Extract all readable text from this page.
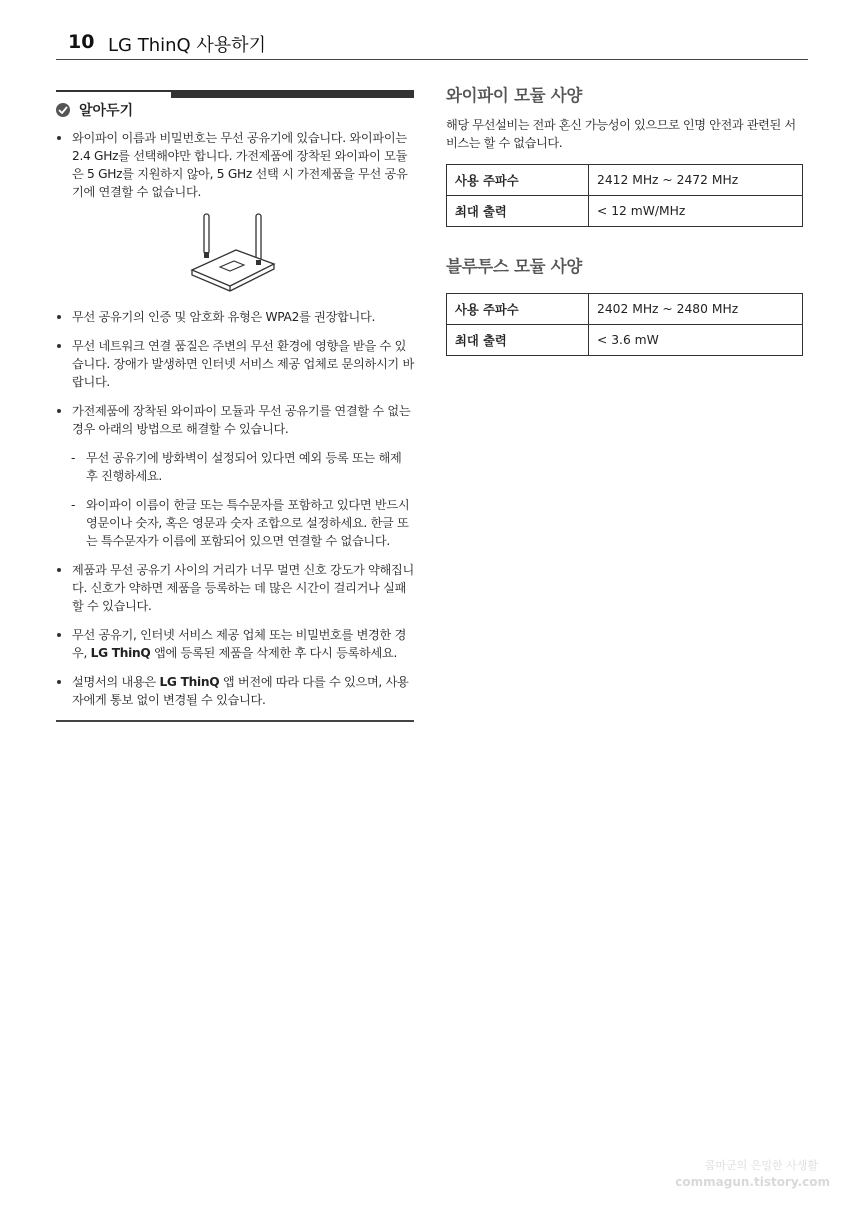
10 LG ThinQ 사용하기
알아두기
와이파이 이름과 비밀번호는 무선 공유기에 있습니다. 와이파이는 2.4 GHz를 선택해야만 합니다. 가전제품에 장착된 와이파이 모듈은 5 GHz를 지원하지 않아, 5 GHz 선택 시 가전제품을 무선 공유기에 연결할 수 없습니다.
무선 공유기의 인증 및 암호화 유형은 WPA2를 권장합니다.
무선 네트워크 연결 품질은 주변의 무선 환경에 영향을 받을 수 있습니다. 장애가 발생하면 인터넷 서비스 제공 업체로 문의하시기 바랍니다.
가전제품에 장착된 와이파이 모듈과 무선 공유기를 연결할 수 없는 경우 아래의 방법으로 해결할 수 있습니다.
- 무선 공유기에 방화벽이 설정되어 있다면 예외 등록 또는 해제 후 진행하세요.
- 와이파이 이름이 한글 또는 특수문자를 포함하고 있다면 반드시 영문이나 숫자, 혹은 영문과 숫자 조합으로 설정하세요. 한글 또는 특수문자가 이름에 포함되어 있으면 연결할 수 없습니다.
제품과 무선 공유기 사이의 거리가 너무 멀면 신호 강도가 약해집니다. 신호가 약하면 제품을 등록하는 데 많은 시간이 걸리거나 실패할 수 있습니다.
무선 공유기, 인터넷 서비스 제공 업체 또는 비밀번호를 변경한 경우, LG ThinQ 앱에 등록된 제품을 삭제한 후 다시 등록하세요.
설명서의 내용은 LG ThinQ 앱 버전에 따라 다를 수 있으며, 사용자에게 통보 없이 변경될 수 있습니다.
와이파이 모듈 사양
해당 무선설비는 전파 혼신 가능성이 있으므로 인명 안전과 관련된 서비스는 할 수 없습니다.
사용 주파수	2412 MHz ~ 2472 MHz
최대 출력	< 12 mW/MHz
블루투스 모듈 사양
사용 주파수	2402 MHz ~ 2480 MHz
최대 출력	< 3.6 mW
콤마군의 은밀한 사생활
commagun.tistory.com
